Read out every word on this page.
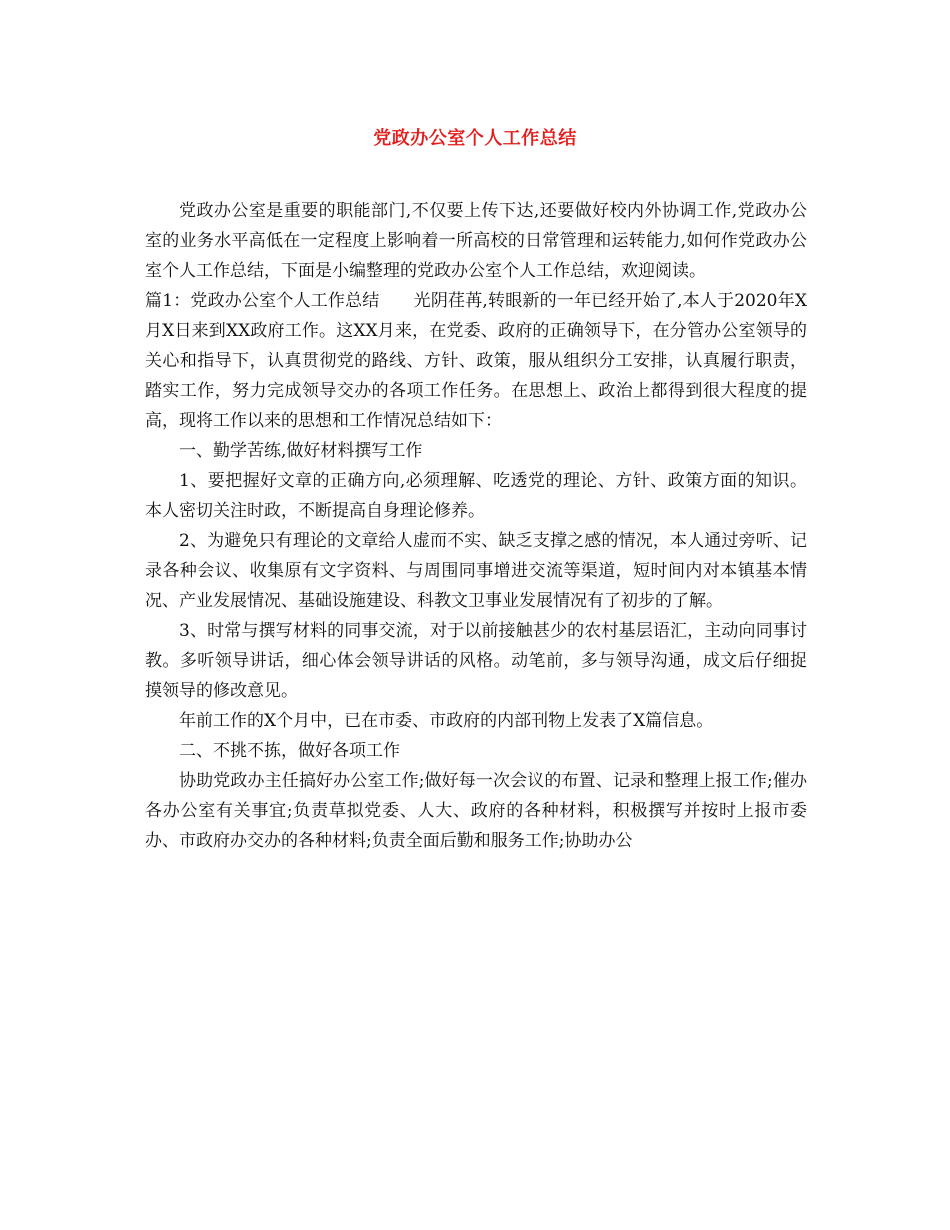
党政办公室个人工作总结

党政办公室是重要的职能部门,不仅要上传下达,还要做好校内外协调工作,党政办公室的业务水平高低在一定程度上影响着一所高校的日常管理和运转能力,如何作党政办公室个人工作总结，下面是小编整理的党政办公室个人工作总结，欢迎阅读。

篇1：党政办公室个人工作总结 光阴荏苒,转眼新的一年已经开始了,本人于2020年X月X日来到XX政府工作。这XX月来，在党委、政府的正确领导下，在分管办公室领导的关心和指导下，认真贯彻党的路线、方针、政策，服从组织分工安排，认真履行职责，踏实工作，努力完成领导交办的各项工作任务。在思想上、政治上都得到很大程度的提高，现将工作以来的思想和工作情况总结如下：

一、勤学苦练,做好材料撰写工作

1、要把握好文章的正确方向,必须理解、吃透党的理论、方针、政策方面的知识。本人密切关注时政，不断提高自身理论修养。

2、为避免只有理论的文章给人虚而不实、缺乏支撑之感的情况，本人通过旁听、记录各种会议、收集原有文字资料、与周围同事增进交流等渠道，短时间内对本镇基本情况、产业发展情况、基础设施建设、科教文卫事业发展情况有了初步的了解。

3、时常与撰写材料的同事交流，对于以前接触甚少的农村基层语汇，主动向同事讨教。多听领导讲话，细心体会领导讲话的风格。动笔前，多与领导沟通，成文后仔细捉摸领导的修改意见。

年前工作的X个月中，已在市委、市政府的内部刊物上发表了X篇信息。

二、不挑不拣，做好各项工作

协助党政办主任搞好办公室工作;做好每一次会议的布置、记录和整理上报工作;催办各办公室有关事宜;负责草拟党委、人大、政府的各种材料，积极撰写并按时上报市委办、市政府办交办的各种材料;负责全面后勤和服务工作;协助办公
